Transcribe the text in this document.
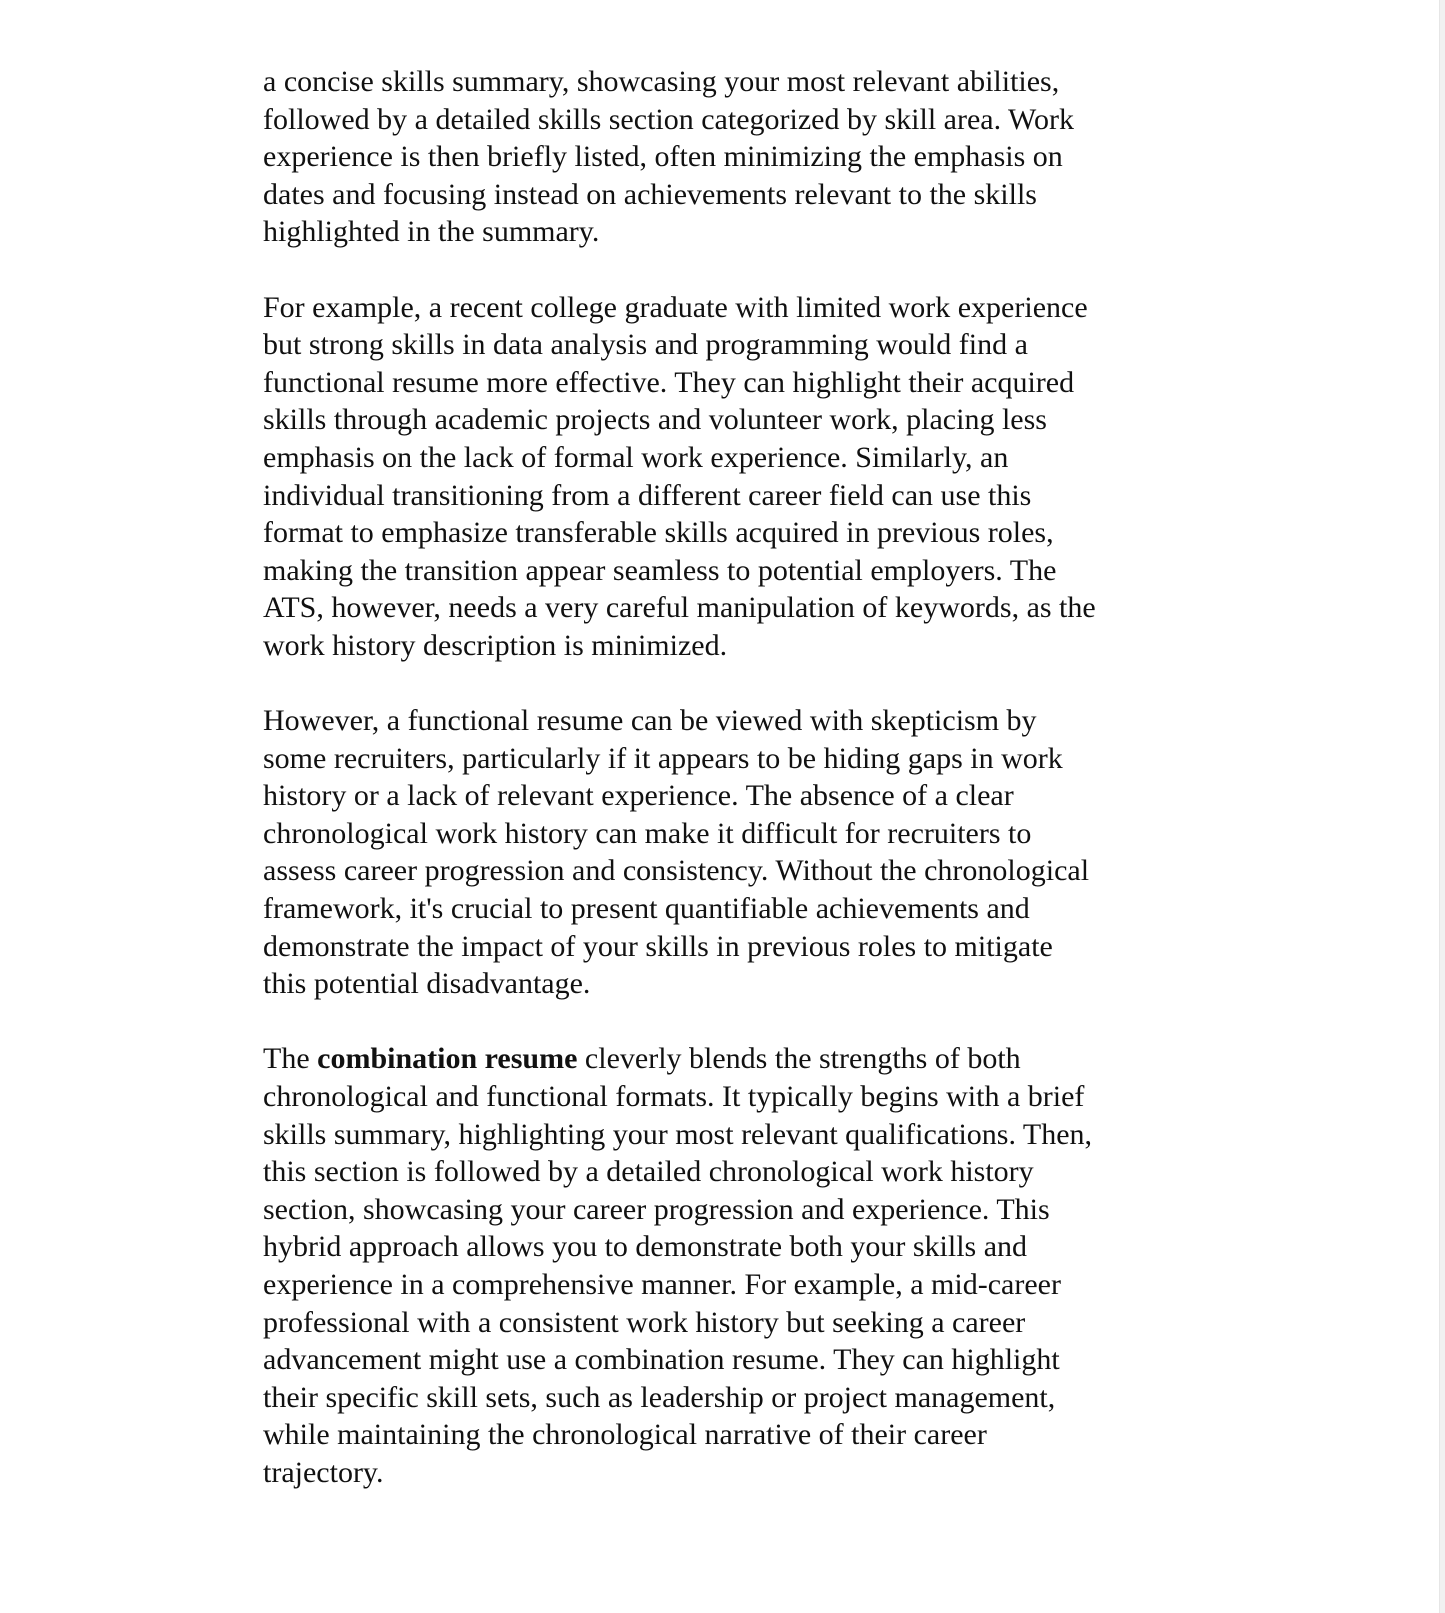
a concise skills summary, showcasing your most relevant abilities,
followed by a detailed skills section categorized by skill area. Work
experience is then briefly listed, often minimizing the emphasis on
dates and focusing instead on achievements relevant to the skills
highlighted in the summary.

For example, a recent college graduate with limited work experience
but strong skills in data analysis and programming would find a
functional resume more effective. They can highlight their acquired
skills through academic projects and volunteer work, placing less
emphasis on the lack of formal work experience. Similarly, an
individual transitioning from a different career field can use this
format to emphasize transferable skills acquired in previous roles,
making the transition appear seamless to potential employers. The
ATS, however, needs a very careful manipulation of keywords, as the
work history description is minimized.

However, a functional resume can be viewed with skepticism by
some recruiters, particularly if it appears to be hiding gaps in work
history or a lack of relevant experience. The absence of a clear
chronological work history can make it difficult for recruiters to
assess career progression and consistency. Without the chronological
framework, it's crucial to present quantifiable achievements and
demonstrate the impact of your skills in previous roles to mitigate
this potential disadvantage.

The combination resume cleverly blends the strengths of both
chronological and functional formats. It typically begins with a brief
skills summary, highlighting your most relevant qualifications. Then,
this section is followed by a detailed chronological work history
section, showcasing your career progression and experience. This
hybrid approach allows you to demonstrate both your skills and
experience in a comprehensive manner. For example, a mid-career
professional with a consistent work history but seeking a career
advancement might use a combination resume. They can highlight
their specific skill sets, such as leadership or project management,
while maintaining the chronological narrative of their career
trajectory.
